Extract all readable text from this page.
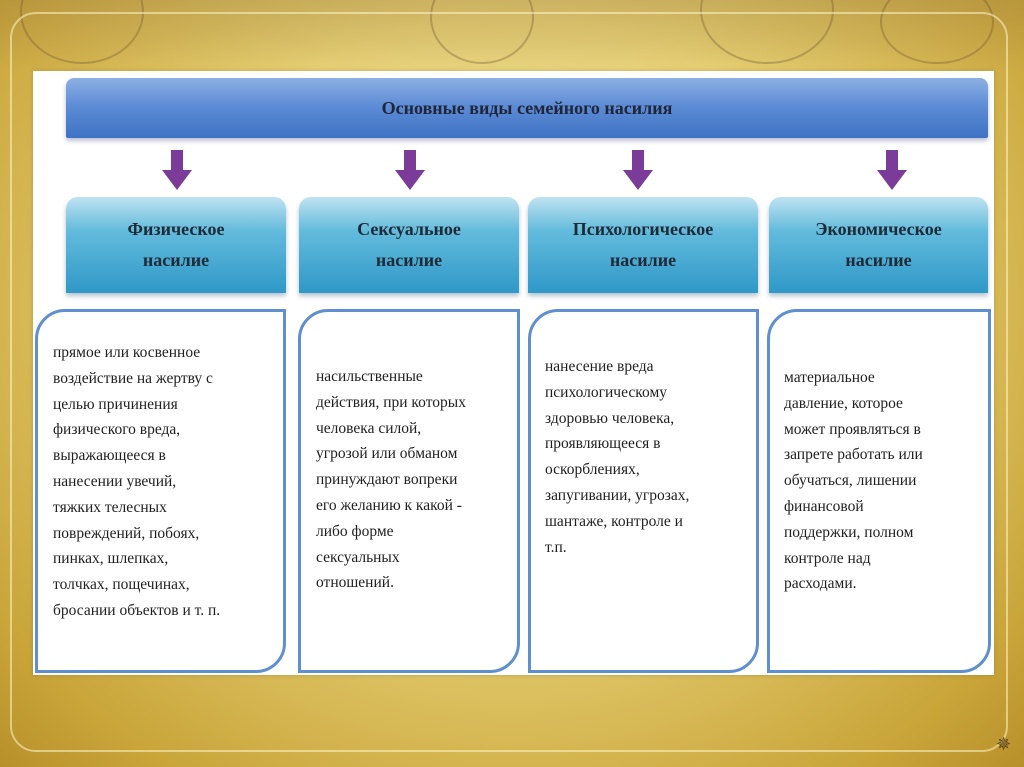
✵
Основные виды семейного насилия
Физическое
насилие
Сексуальное
насилие
Психологическое
насилие
Экономическое
насилие
прямое или косвенное
воздействие на жертву с
целью причинения
физического вреда,
выражающееся в
нанесении увечий,
тяжких телесных
повреждений, побоях,
пинках, шлепках,
толчках, пощечинах,
бросании объектов и т. п.
насильственные
действия, при которых
человека силой,
угрозой или обманом
принуждают вопреки
его желанию к какой -
либо форме
сексуальных
отношений.
нанесение вреда
психологическому
здоровью человека,
проявляющееся в
оскорблениях,
запугивании, угрозах,
шантаже, контроле и
т.п.
материальное
давление, которое
может проявляться в
запрете работать или
обучаться, лишении
финансовой
поддержки, полном
контроле над
расходами.
